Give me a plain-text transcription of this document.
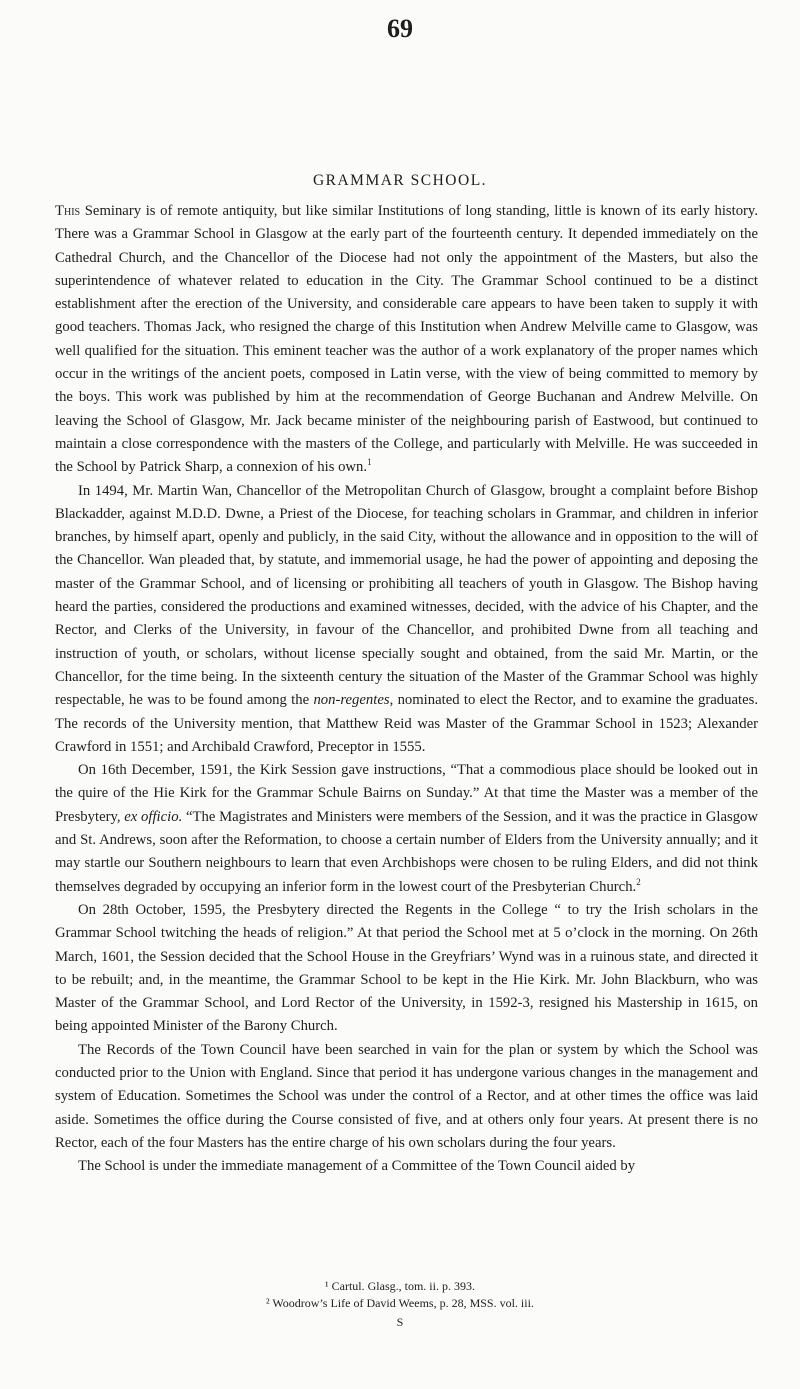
69
GRAMMAR SCHOOL.

This Seminary is of remote antiquity, but like similar Institutions of long standing, little is known of its early history. There was a Grammar School in Glasgow at the early part of the fourteenth century. It depended immediately on the Cathedral Church, and the Chancellor of the Diocese had not only the appointment of the Masters, but also the superintendence of whatever related to education in the City. The Grammar School continued to be a distinct establishment after the erection of the University, and considerable care appears to have been taken to supply it with good teachers. Thomas Jack, who resigned the charge of this Institution when Andrew Melville came to Glasgow, was well qualified for the situation. This eminent teacher was the author of a work explanatory of the proper names which occur in the writings of the ancient poets, composed in Latin verse, with the view of being committed to memory by the boys. This work was published by him at the recommendation of George Buchanan and Andrew Melville. On leaving the School of Glasgow, Mr. Jack became minister of the neighbouring parish of Eastwood, but continued to maintain a close correspondence with the masters of the College, and particularly with Melville. He was succeeded in the School by Patrick Sharp, a connexion of his own.$^1$

In 1494, Mr. Martin Wan, Chancellor of the Metropolitan Church of Glasgow, brought a complaint before Bishop Blackadder, against M.D.D. Dwne, a Priest of the Diocese, for teaching scholars in Grammar, and children in inferior branches, by himself apart, openly and publicly, in the said City, without the allowance and in opposition to the will of the Chancellor. Wan pleaded that, by statute, and immemorial usage, he had the power of appointing and deposing the master of the Grammar School, and of licensing or prohibiting all teachers of youth in Glasgow. The Bishop having heard the parties, considered the productions and examined witnesses, decided, with the advice of his Chapter, and the Rector, and Clerks of the University, in favour of the Chancellor, and prohibited Dwne from all teaching and instruction of youth, or scholars, without license specially sought and obtained, from the said Mr. Martin, or the Chancellor, for the time being. In the sixteenth century the situation of the Master of the Grammar School was highly respectable, he was to be found among the non-regentes, nominated to elect the Rector, and to examine the graduates. The records of the University mention, that Matthew Reid was Master of the Grammar School in 1523; Alexander Crawford in 1551; and Archibald Crawford, Preceptor in 1555.

On 16th December, 1591, the Kirk Session gave instructions, “That a commodious place should be looked out in the quire of the Hie Kirk for the Grammar Schule Bairns on Sunday.” At that time the Master was a member of the Presbytery, ex officio. “The Magistrates and Ministers were members of the Session, and it was the practice in Glasgow and St. Andrews, soon after the Reformation, to choose a certain number of Elders from the University annually; and it may startle our Southern neighbours to learn that even Archbishops were chosen to be ruling Elders, and did not think themselves degraded by occupying an inferior form in the lowest court of the Presbyterian Church.$^2$

On 28th October, 1595, the Presbytery directed the Regents in the College “ to try the Irish scholars in the Grammar School twitching the heads of religion.” At that period the School met at 5 o’clock in the morning. On 26th March, 1601, the Session decided that the School House in the Greyfriars’ Wynd was in a ruinous state, and directed it to be rebuilt; and, in the meantime, the Grammar School to be kept in the Hie Kirk. Mr. John Blackburn, who was Master of the Grammar School, and Lord Rector of the University, in 1592-3, resigned his Mastership in 1615, on being appointed Minister of the Barony Church.

The Records of the Town Council have been searched in vain for the plan or system by which the School was conducted prior to the Union with England. Since that period it has undergone various changes in the management and system of Education. Sometimes the School was under the control of a Rector, and at other times the office was laid aside. Sometimes the office during the Course consisted of five, and at others only four years. At present there is no Rector, each of the four Masters has the entire charge of his own scholars during the four years.

The School is under the immediate management of a Committee of the Town Council aided by

¹ Cartul. Glasg., tom. ii. p. 393.
² Woodrow’s Life of David Weems, p. 28, MSS. vol. iii.
S
